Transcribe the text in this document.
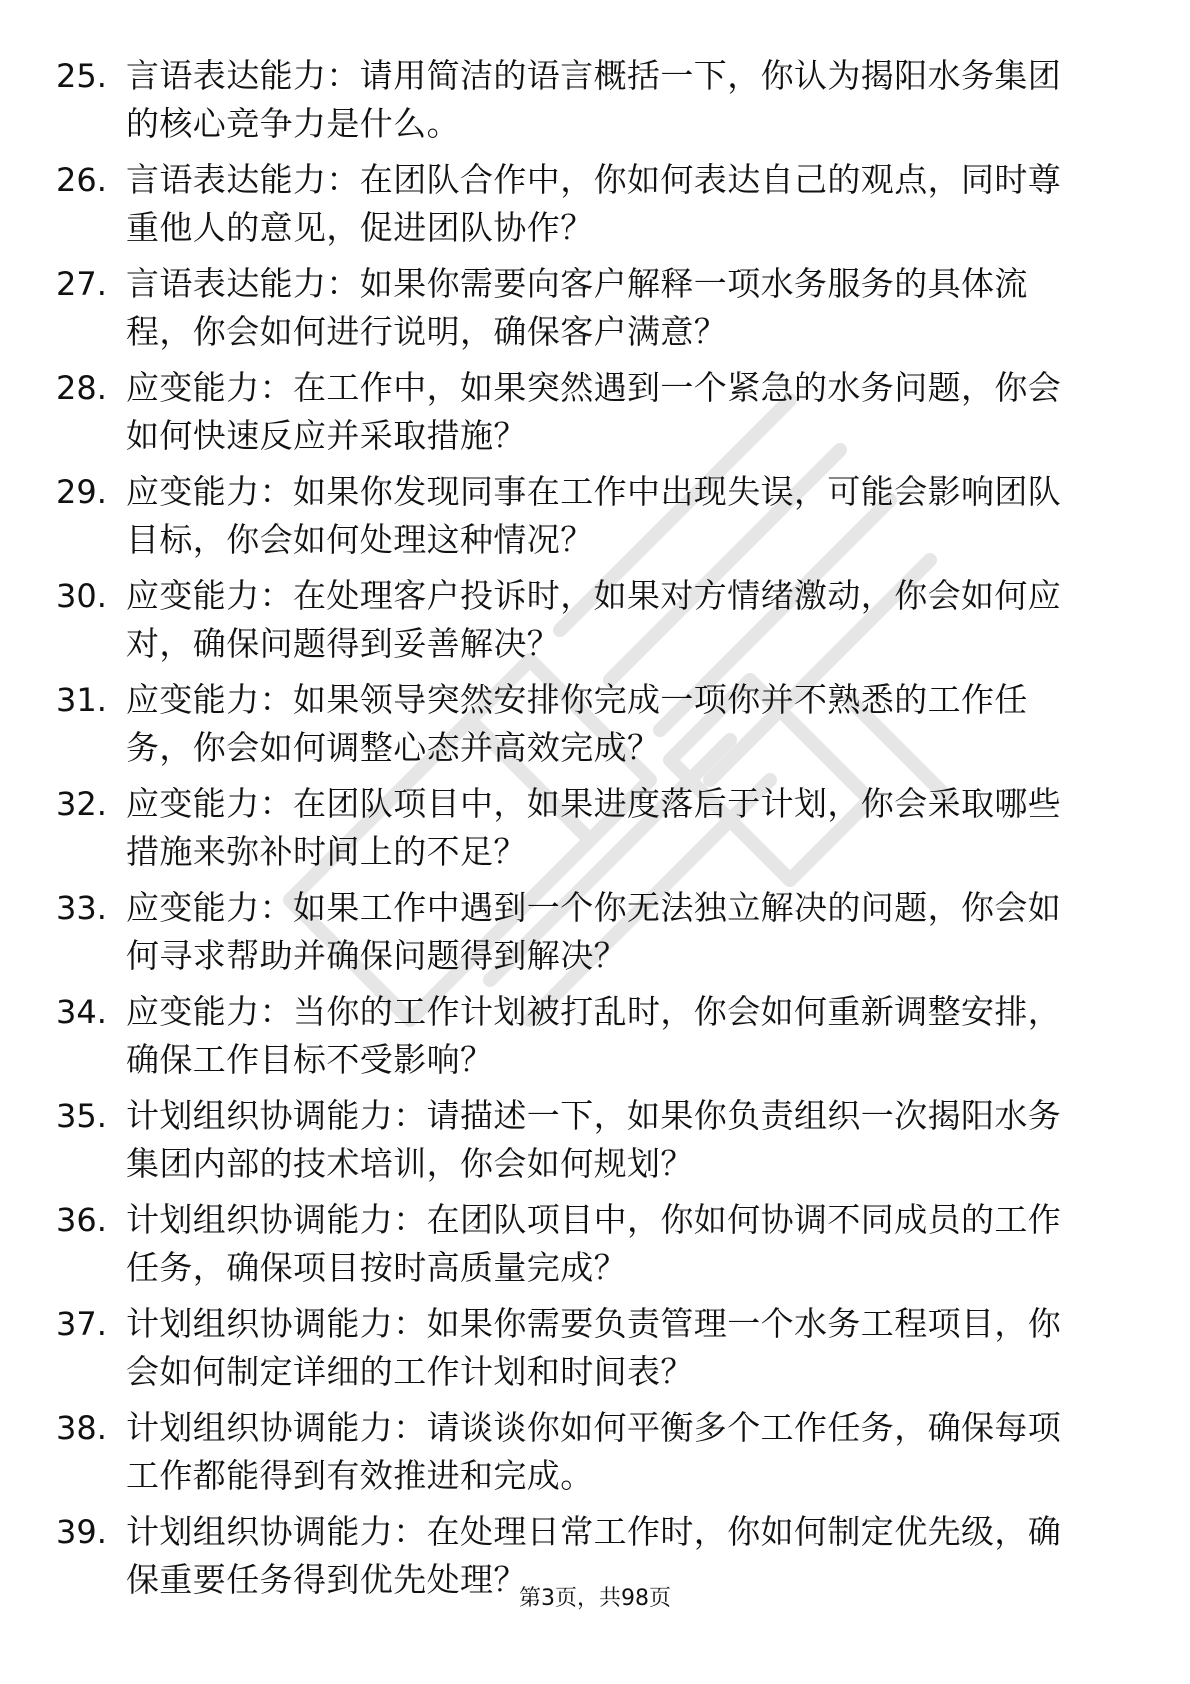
25. 言语表达能力：请用简洁的语言概括一下，你认为揭阳水务集团
的核心竞争力是什么。
26. 言语表达能力：在团队合作中，你如何表达自己的观点，同时尊
重他人的意见，促进团队协作？
27. 言语表达能力：如果你需要向客户解释一项水务服务的具体流
程，你会如何进行说明，确保客户满意？
28. 应变能力：在工作中，如果突然遇到一个紧急的水务问题，你会
如何快速反应并采取措施？
29. 应变能力：如果你发现同事在工作中出现失误，可能会影响团队
目标，你会如何处理这种情况？
30. 应变能力：在处理客户投诉时，如果对方情绪激动，你会如何应
对，确保问题得到妥善解决？
31. 应变能力：如果领导突然安排你完成一项你并不熟悉的工作任
务，你会如何调整心态并高效完成？
32. 应变能力：在团队项目中，如果进度落后于计划，你会采取哪些
措施来弥补时间上的不足？
33. 应变能力：如果工作中遇到一个你无法独立解决的问题，你会如
何寻求帮助并确保问题得到解决？
34. 应变能力：当你的工作计划被打乱时，你会如何重新调整安排，
确保工作目标不受影响？
35. 计划组织协调能力：请描述一下，如果你负责组织一次揭阳水务
集团内部的技术培训，你会如何规划？
36. 计划组织协调能力：在团队项目中，你如何协调不同成员的工作
任务，确保项目按时高质量完成？
37. 计划组织协调能力：如果你需要负责管理一个水务工程项目，你
会如何制定详细的工作计划和时间表？
38. 计划组织协调能力：请谈谈你如何平衡多个工作任务，确保每项
工作都能得到有效推进和完成。
39. 计划组织协调能力：在处理日常工作时，你如何制定优先级，确
保重要任务得到优先处理？
第3页，共98页
